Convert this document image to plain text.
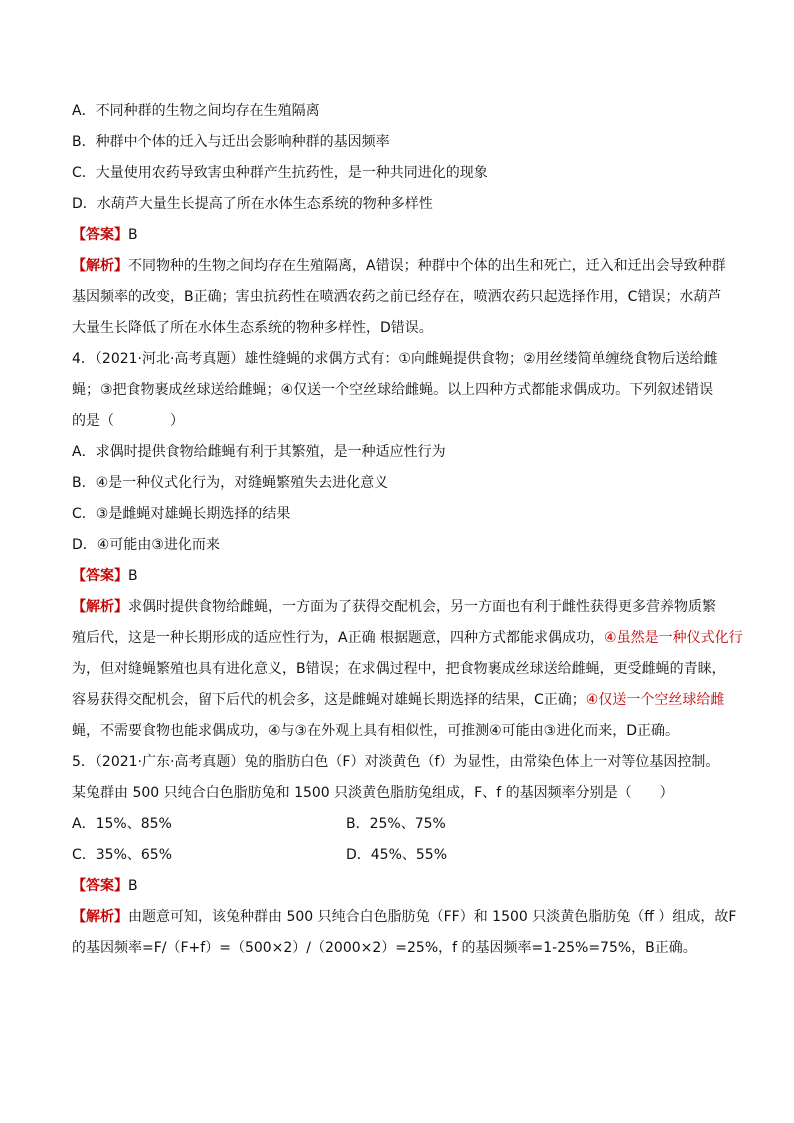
A．不同种群的生物之间均存在生殖隔离
B．种群中个体的迁入与迁出会影响种群的基因频率
C．大量使用农药导致害虫种群产生抗药性，是一种共同进化的现象
D．水葫芦大量生长提高了所在水体生态系统的物种多样性
【答案】B
【解析】不同物种的生物之间均存在生殖隔离，A错误；种群中个体的出生和死亡，迁入和迁出会导致种群
基因频率的改变，B正确；害虫抗药性在喷洒农药之前已经存在，喷洒农药只起选择作用，C错误；水葫芦
大量生长降低了所在水体生态系统的物种多样性，D错误。
4．（2021·河北·高考真题）雄性缝蝇的求偶方式有：①向雌蝇提供食物；②用丝缕简单缠绕食物后送给雌
蝇；③把食物裹成丝球送给雌蝇；④仅送一个空丝球给雌蝇。以上四种方式都能求偶成功。下列叙述错误
的是（　　　　）
A．求偶时提供食物给雌蝇有利于其繁殖，是一种适应性行为
B．④是一种仪式化行为，对缝蝇繁殖失去进化意义
C．③是雌蝇对雄蝇长期选择的结果
D．④可能由③进化而来
【答案】B
【解析】求偶时提供食物给雌蝇，一方面为了获得交配机会，另一方面也有利于雌性获得更多营养物质繁
殖后代，这是一种长期形成的适应性行为，A正确 根据题意，四种方式都能求偶成功，④虽然是一种仪式化行
为，但对缝蝇繁殖也具有进化意义，B错误；在求偶过程中，把食物裹成丝球送给雌蝇，更受雌蝇的青睐，
容易获得交配机会，留下后代的机会多，这是雌蝇对雄蝇长期选择的结果，C正确；④仅送一个空丝球给雌
蝇，不需要食物也能求偶成功，④与③在外观上具有相似性，可推测④可能由③进化而来，D正确。
5．（2021·广东·高考真题）兔的脂肪白色（F）对淡黄色（f）为显性，由常染色体上一对等位基因控制。
某兔群由 500 只纯合白色脂肪兔和 1500 只淡黄色脂肪兔组成，F、f 的基因频率分别是（　　）
A．15%、85%	B．25%、75%
C．35%、65%	D．45%、55%
【答案】B
【解析】由题意可知，该兔种群由 500 只纯合白色脂肪兔（FF）和 1500 只淡黄色脂肪兔（ff ）组成，故F
的基因频率=F/（F+f）=（500×2）/（2000×2）=25%，f 的基因频率=1-25%=75%，B正确。
